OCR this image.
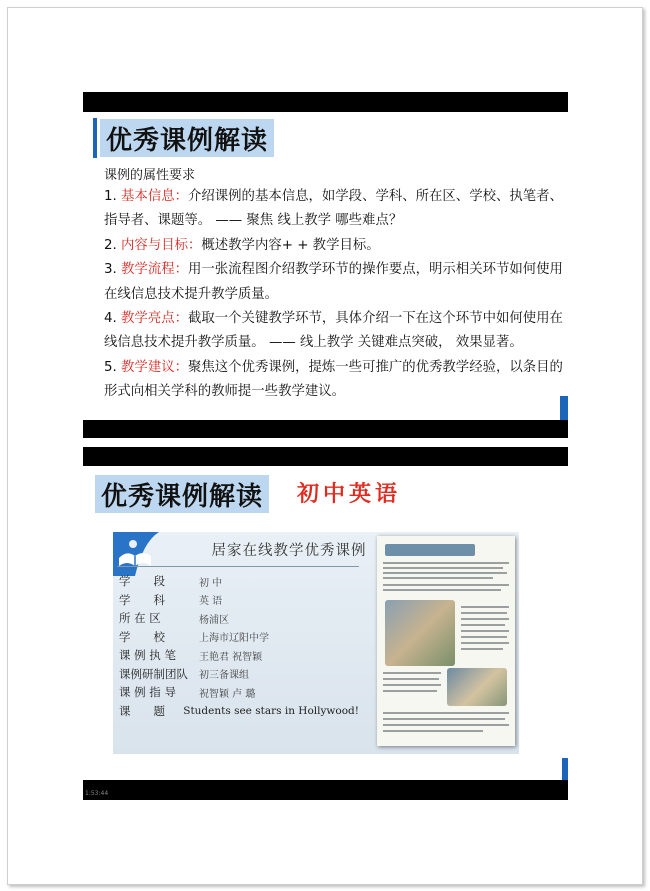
优秀课例解读
课例的属性要求

1. 基本信息：介绍课例的基本信息，如学段、学科、所在区、学校、执笔者、指导者、课题等。 —— 聚焦 线上教学 哪些难点？

2. 内容与目标：概述教学内容+ + 教学目标。

3. 教学流程：用一张流程图介绍教学环节的操作要点，明示相关环节如何使用在线信息技术提升教学质量。

4. 教学亮点：截取一个关键教学环节，具体介绍一下在这个环节中如何使用在线信息技术提升教学质量。 —— 线上教学 关键难点突破， 效果显著。

5. 教学建议：聚焦这个优秀课例，提炼一些可推广的优秀教学经验，以条目的形式向相关学科的教师提一些教学建议。

优秀课例解读 初中英语
居家在线教学优秀课例
学　　段	初 中
学　　科	英 语
所 在 区	杨浦区
学　　校	上海市辽阳中学
课 例 执 笔	王艳君 祝智颖
课例研制团队	初三备课组
课 例 指 导	祝智颖 卢 璐
课　　题	Students see stars in Hollywood!
1:53:44
